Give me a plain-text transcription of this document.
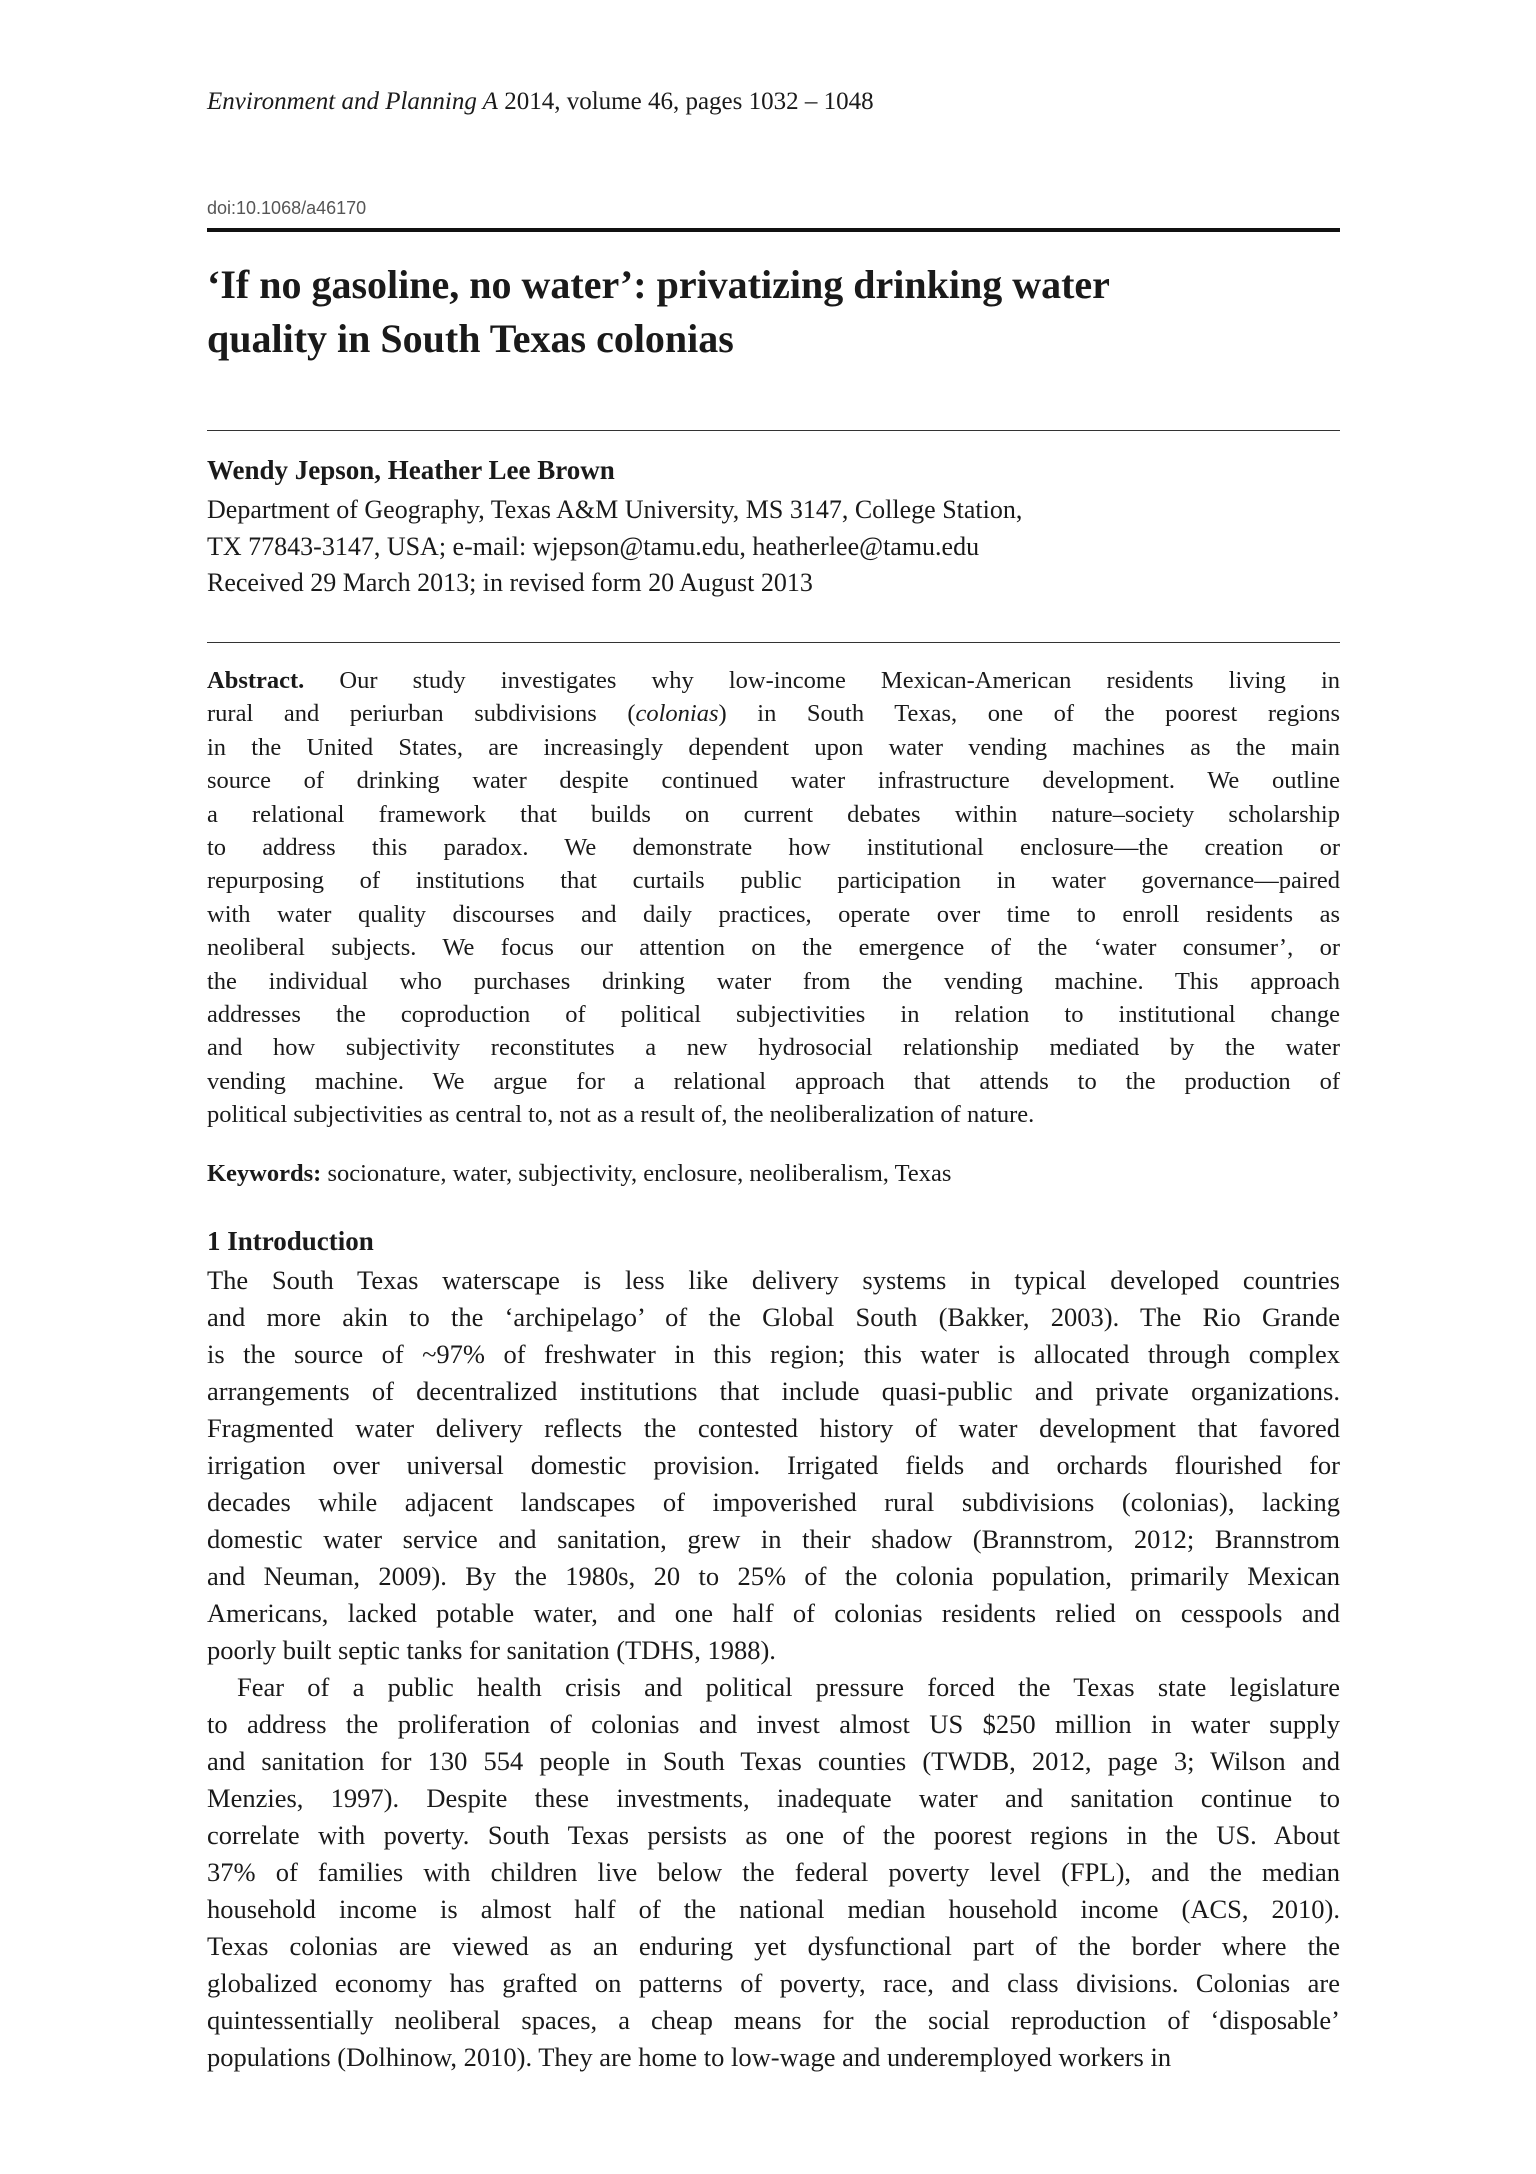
Environment and Planning A 2014, volume 46, pages 1032 – 1048
doi:10.1068/a46170
‘If no gasoline, no water’: privatizing drinking water
quality in South Texas colonias
Wendy Jepson, Heather Lee Brown
Department of Geography, Texas A&M University, MS 3147, College Station,
TX 77843-3147, USA; e-mail: wjepson@tamu.edu, heatherlee@tamu.edu
Received 29 March 2013; in revised form 20 August 2013
Abstract. Our study investigates why low-income Mexican-American residents living in
rural and periurban subdivisions (colonias) in South Texas, one of the poorest regions
in the United States, are increasingly dependent upon water vending machines as the main
source of drinking water despite continued water infrastructure development. We outline
a relational framework that builds on current debates within nature–society scholarship
to address this paradox. We demonstrate how institutional enclosure—the creation or
repurposing of institutions that curtails public participation in water governance—paired
with water quality discourses and daily practices, operate over time to enroll residents as
neoliberal subjects. We focus our attention on the emergence of the ‘water consumer’, or
the individual who purchases drinking water from the vending machine. This approach
addresses the coproduction of political subjectivities in relation to institutional change
and how subjectivity reconstitutes a new hydrosocial relationship mediated by the water
vending machine. We argue for a relational approach that attends to the production of
political subjectivities as central to, not as a result of, the neoliberalization of nature.
Keywords: socionature, water, subjectivity, enclosure, neoliberalism, Texas
1 Introduction
The South Texas waterscape is less like delivery systems in typical developed countries
and more akin to the ‘archipelago’ of the Global South (Bakker, 2003). The Rio Grande
is the source of ~97% of freshwater in this region; this water is allocated through complex
arrangements of decentralized institutions that include quasi-public and private organizations.
Fragmented water delivery reflects the contested history of water development that favored
irrigation over universal domestic provision. Irrigated fields and orchards flourished for
decades while adjacent landscapes of impoverished rural subdivisions (colonias), lacking
domestic water service and sanitation, grew in their shadow (Brannstrom, 2012; Brannstrom
and Neuman, 2009). By the 1980s, 20 to 25% of the colonia population, primarily Mexican
Americans, lacked potable water, and one half of colonias residents relied on cesspools and
poorly built septic tanks for sanitation (TDHS, 1988).
Fear of a public health crisis and political pressure forced the Texas state legislature
to address the proliferation of colonias and invest almost US $250 million in water supply
and sanitation for 130 554 people in South Texas counties (TWDB, 2012, page 3; Wilson and
Menzies, 1997). Despite these investments, inadequate water and sanitation continue to
correlate with poverty. South Texas persists as one of the poorest regions in the US. About
37% of families with children live below the federal poverty level (FPL), and the median
household income is almost half of the national median household income (ACS, 2010).
Texas colonias are viewed as an enduring yet dysfunctional part of the border where the
globalized economy has grafted on patterns of poverty, race, and class divisions. Colonias are
quintessentially neoliberal spaces, a cheap means for the social reproduction of ‘disposable’
populations (Dolhinow, 2010). They are home to low-wage and underemployed workers in
